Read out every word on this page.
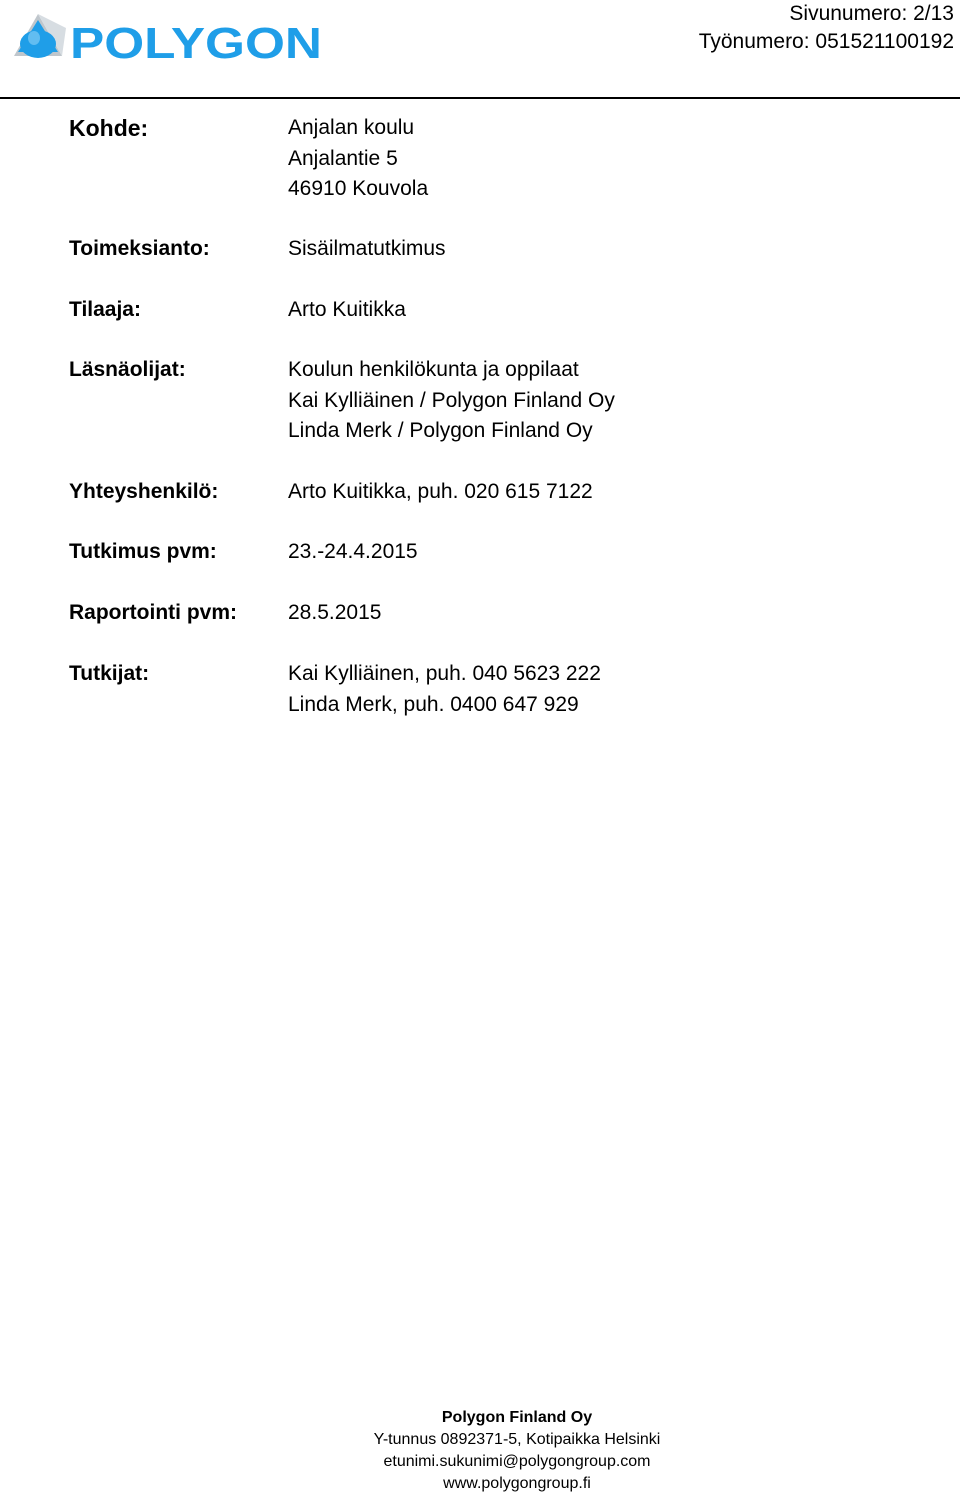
POLYGON
Sivunumero: 2/13
Työnumero: 051521100192
Kohde:	Anjalan koulu
Anjalantie 5
46910 Kouvola
Toimeksianto:	Sisäilmatutkimus
Tilaaja:	Arto Kuitikka
Läsnäolijat:	Koulun henkilökunta ja oppilaat
Kai Kylliäinen / Polygon Finland Oy
Linda Merk / Polygon Finland Oy
Yhteyshenkilö:	Arto Kuitikka, puh. 020 615 7122
Tutkimus pvm:	23.-24.4.2015
Raportointi pvm: 28.5.2015
Tutkijat:	Kai Kylliäinen, puh. 040 5623 222
Linda Merk, puh. 0400 647 929
Polygon Finland Oy
Y-tunnus 0892371-5, Kotipaikka Helsinki
etunimi.sukunimi@polygongroup.com
www.polygongroup.fi
